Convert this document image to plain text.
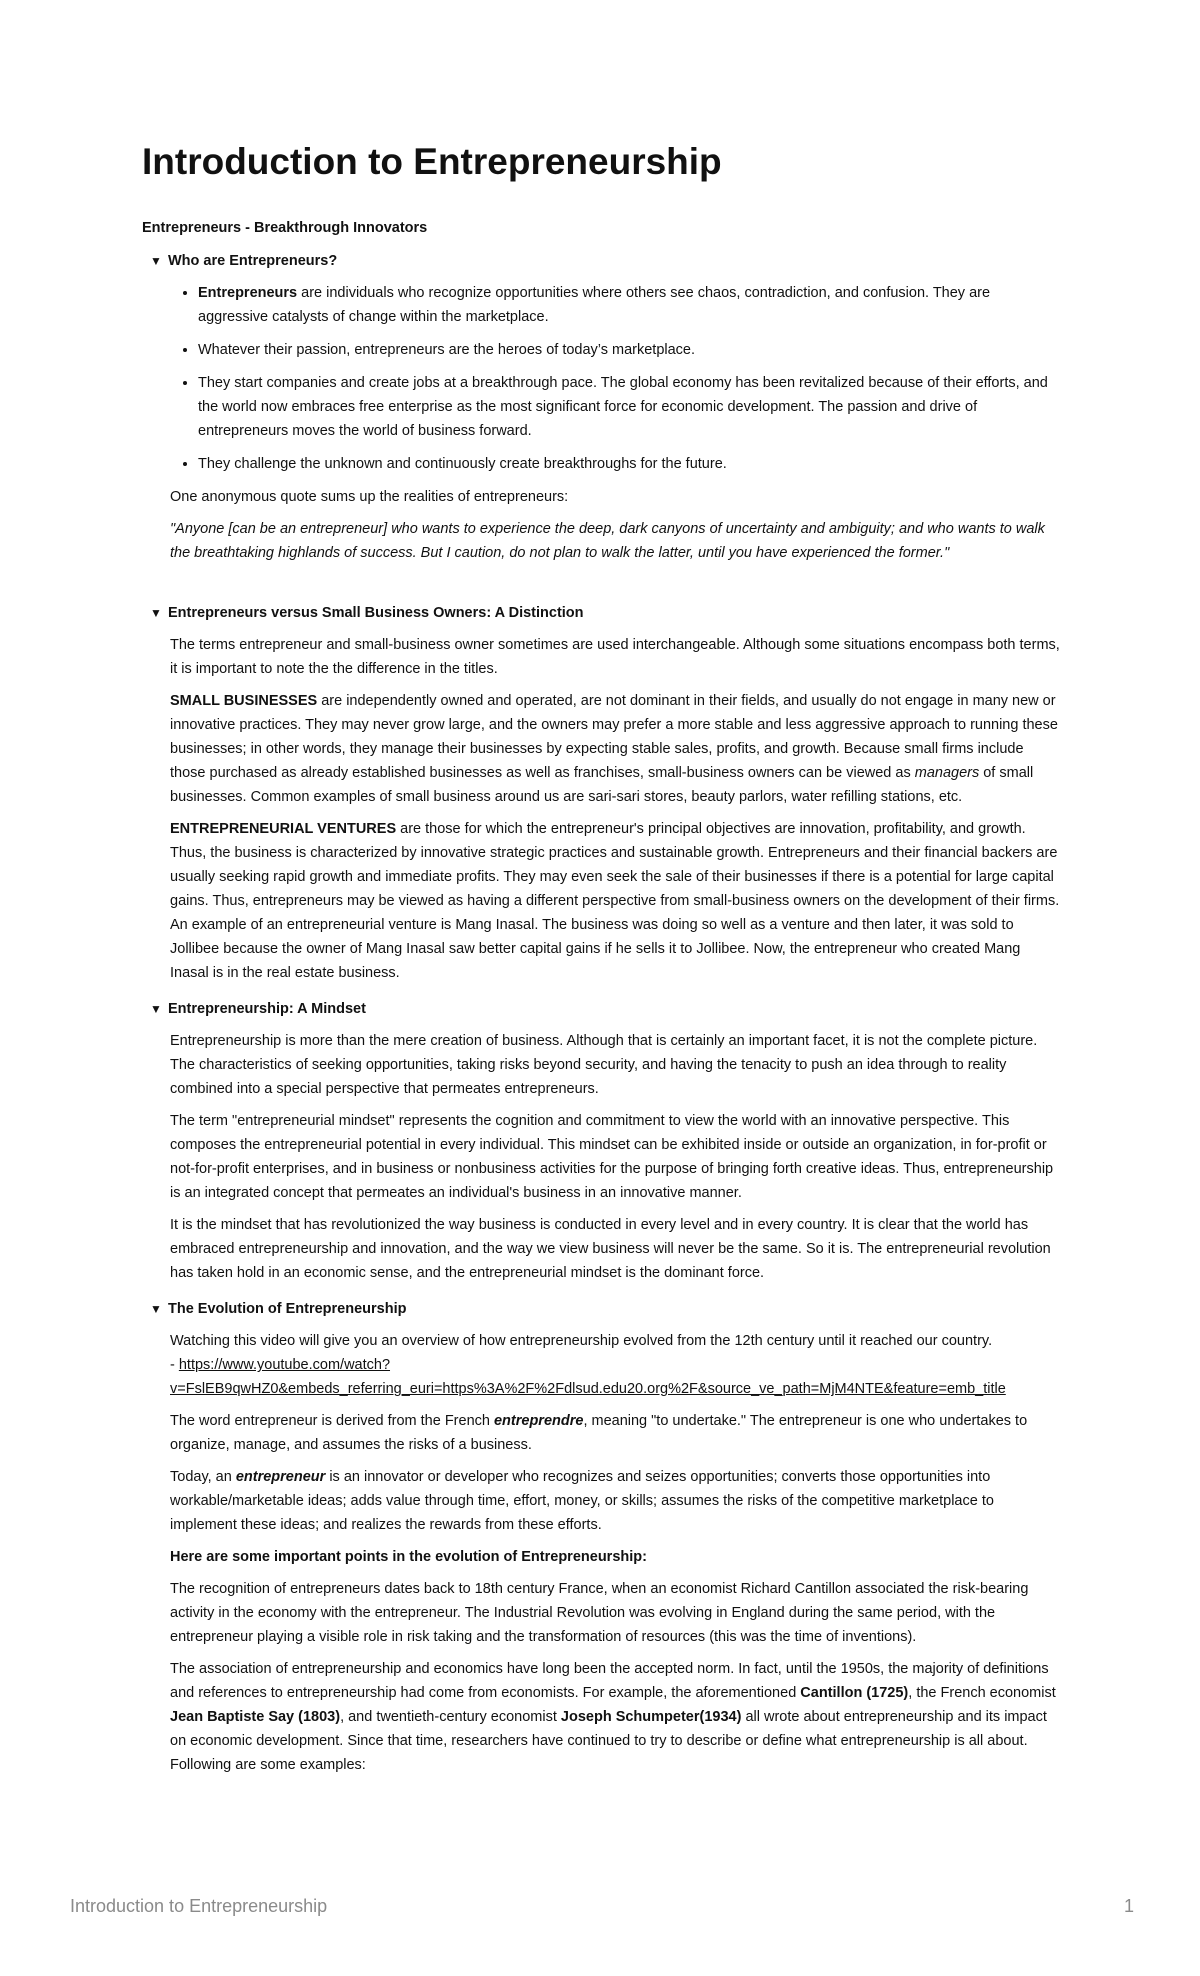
Introduction to Entrepreneurship
Entrepreneurs - Breakthrough Innovators
▼ Who are Entrepreneurs?
• Entrepreneurs are individuals who recognize opportunities where others see chaos, contradiction, and confusion. They are aggressive catalysts of change within the marketplace.
• Whatever their passion, entrepreneurs are the heroes of today’s marketplace.
• They start companies and create jobs at a breakthrough pace. The global economy has been revitalized because of their efforts, and the world now embraces free enterprise as the most significant force for economic development. The passion and drive of entrepreneurs moves the world of business forward.
• They challenge the unknown and continuously create breakthroughs for the future.

One anonymous quote sums up the realities of entrepreneurs:

"Anyone [can be an entrepreneur] who wants to experience the deep, dark canyons of uncertainty and ambiguity; and who wants to walk the breathtaking highlands of success. But I caution, do not plan to walk the latter, until you have experienced the former."

▼ Entrepreneurs versus Small Business Owners: A Distinction

The terms entrepreneur and small-business owner sometimes are used interchangeable. Although some situations encompass both terms, it is important to note the the difference in the titles.

SMALL BUSINESSES are independently owned and operated, are not dominant in their fields, and usually do not engage in many new or innovative practices. They may never grow large, and the owners may prefer a more stable and less aggressive approach to running these businesses; in other words, they manage their businesses by expecting stable sales, profits, and growth. Because small firms include those purchased as already established businesses as well as franchises, small-business owners can be viewed as managers of small businesses. Common examples of small business around us are sari-sari stores, beauty parlors, water refilling stations, etc.

ENTREPRENEURIAL VENTURES are those for which the entrepreneur's principal objectives are innovation, profitability, and growth. Thus, the business is characterized by innovative strategic practices and sustainable growth. Entrepreneurs and their financial backers are usually seeking rapid growth and immediate profits. They may even seek the sale of their businesses if there is a potential for large capital gains. Thus, entrepreneurs may be viewed as having a different perspective from small-business owners on the development of their firms. An example of an entrepreneurial venture is Mang Inasal. The business was doing so well as a venture and then later, it was sold to Jollibee because the owner of Mang Inasal saw better capital gains if he sells it to Jollibee. Now, the entrepreneur who created Mang Inasal is in the real estate business.

▼ Entrepreneurship: A Mindset

Entrepreneurship is more than the mere creation of business. Although that is certainly an important facet, it is not the complete picture. The characteristics of seeking opportunities, taking risks beyond security, and having the tenacity to push an idea through to reality combined into a special perspective that permeates entrepreneurs.

The term "entrepreneurial mindset" represents the cognition and commitment to view the world with an innovative perspective. This composes the entrepreneurial potential in every individual. This mindset can be exhibited inside or outside an organization, in for-profit or not-for-profit enterprises, and in business or nonbusiness activities for the purpose of bringing forth creative ideas. Thus, entrepreneurship is an integrated concept that permeates an individual's business in an innovative manner.

It is the mindset that has revolutionized the way business is conducted in every level and in every country. It is clear that the world has embraced entrepreneurship and innovation, and the way we view business will never be the same. So it is. The entrepreneurial revolution has taken hold in an economic sense, and the entrepreneurial mindset is the dominant force.

▼ The Evolution of Entrepreneurship

Watching this video will give you an overview of how entrepreneurship evolved from the 12th century until it reached our country.
- https://www.youtube.com/watch?

v=FslEB9qwHZ0&embeds_referring_euri=https%3A%2F%2Fdlsud.edu20.org%2F&source_ve_path=MjM4NTE&feature=emb_title

The word entrepreneur is derived from the French entreprendre, meaning "to undertake." The entrepreneur is one who undertakes to organize, manage, and assumes the risks of a business.

Today, an entrepreneur is an innovator or developer who recognizes and seizes opportunities; converts those opportunities into workable/marketable ideas; adds value through time, effort, money, or skills; assumes the risks of the competitive marketplace to implement these ideas; and realizes the rewards from these efforts.

Here are some important points in the evolution of Entrepreneurship:

The recognition of entrepreneurs dates back to 18th century France, when an economist Richard Cantillon associated the risk-bearing activity in the economy with the entrepreneur. The Industrial Revolution was evolving in England during the same period, with the entrepreneur playing a visible role in risk taking and the transformation of resources (this was the time of inventions).

The association of entrepreneurship and economics have long been the accepted norm. In fact, until the 1950s, the majority of definitions and references to entrepreneurship had come from economists. For example, the aforementioned Cantillon (1725), the French economist Jean Baptiste Say (1803), and twentieth-century economist Joseph Schumpeter(1934) all wrote about entrepreneurship and its impact on economic development. Since that time, researchers have continued to try to describe or define what entrepreneurship is all about. Following are some examples:

Introduction to Entrepreneurship	1
